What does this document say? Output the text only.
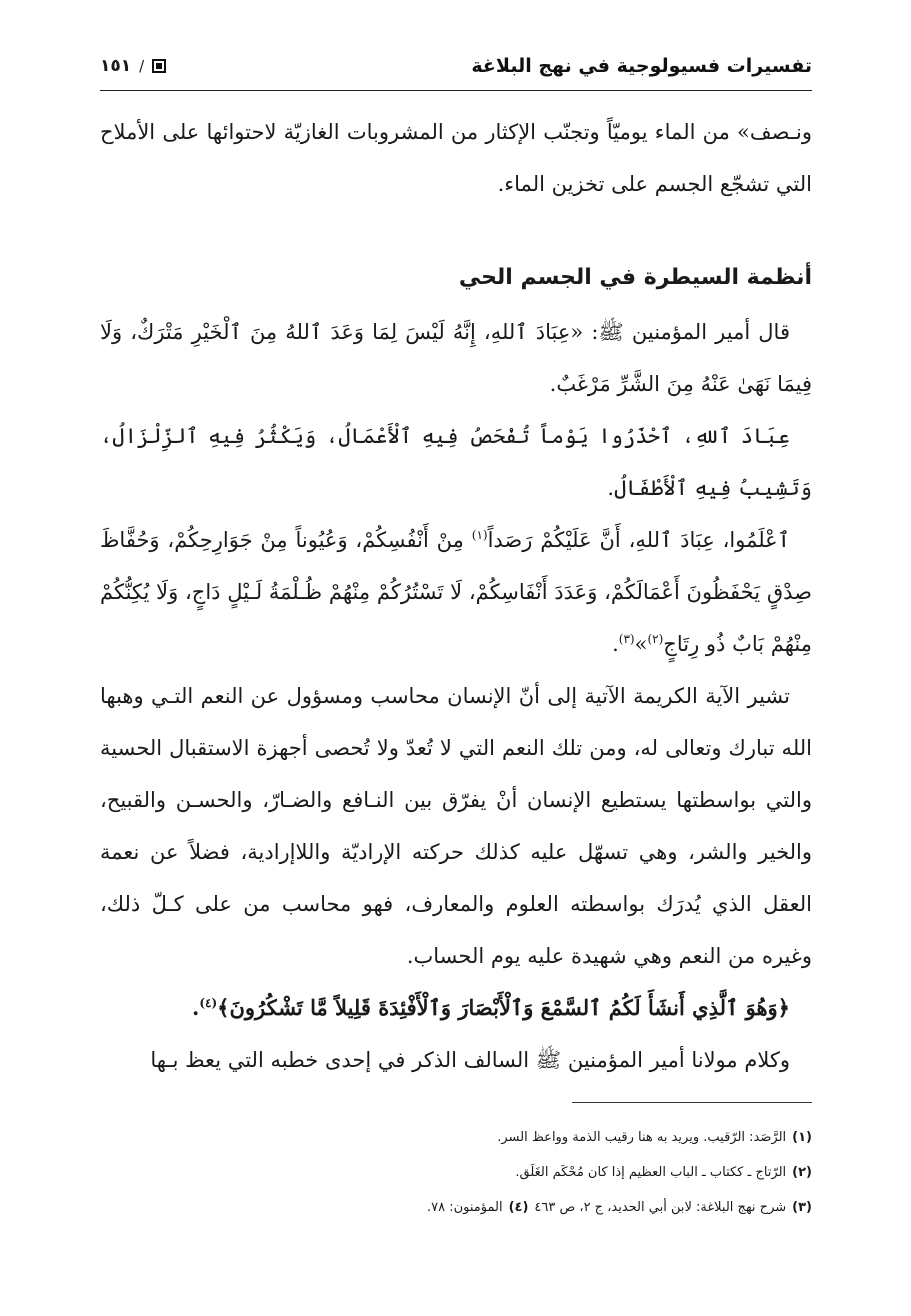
تفسيرات فسيولوجية في نهج البلاغة
١٥١ /

ونـصف» من الماء يوميّاً وتجنّب الإكثار من المشروبات الغازيّة لاحتوائها على الأملاح التي تشجّع الجسم على تخزين الماء.

أنظمة السيطرة في الجسم الحي

قال أمير المؤمنين ﷺ: «عِبَادَ ٱللهِ، إِنَّهُ لَيْسَ لِمَا وَعَدَ ٱللهُ مِنَ ٱلْخَيْرِ مَتْرَكٌ، وَلَا فِيمَا نَهَىٰ عَنْهُ مِنَ الشَّرِّ مَرْغَبٌ.

عِبَادَ ٱللهِ، ٱحْذَرُوا يَوْماً تُفْحَصُ فِيهِ ٱلْأَعْمَالُ، وَيَكْثُرُ فِيهِ ٱلزِّلْزَالُ، وَتَشِيبُ فِيهِ ٱلْأَطْفَالُ.

ٱعْلَمُوا، عِبَادَ ٱللهِ، أَنَّ عَلَيْكُمْ رَصَداً$^{(١)}$ مِنْ أَنْفُسِكُمْ، وَعُيُوناً مِنْ جَوَارِحِكُمْ، وَحُفَّاظَ صِدْقٍ يَحْفَظُونَ أَعْمَالَكُمْ، وَعَدَدَ أَنْفَاسِكُمْ، لَا تَسْتُرُكُمْ مِنْهُمْ ظُـلْمَةُ لَـيْلٍ دَاجٍ، وَلَا يُكِنُّكُمْ مِنْهُمْ بَابٌ ذُو رِتَاجٍ$^{(٢)}$»$^{(٣)}$.

تشير الآية الكريمة الآتية إلى أنّ الإنسان محاسب ومسؤول عن النعم التـي وهبها الله تبارك وتعالى له، ومن تلك النعم التي لا تُعدّ ولا تُحصى أجهزة الاستقبال الحسية والتي بواسطتها يستطيع الإنسان أنْ يفرّق بين النـافع والضـارّ، والحسـن والقبيح، والخير والشر، وهي تسهّل عليه كذلك حركته الإراديّة واللاإرادية، فضلاً عن نعمة العقل الذي يُدرَك بواسطته العلوم والمعارف، فهو محاسب من على كـلّ ذلك، وغيره من النعم وهي شهيدة عليه يوم الحساب.

﴿وَهُوَ ٱلَّذِي أَنشَأَ لَكُمُ ٱلسَّمْعَ وَٱلْأَبْصَارَ وَٱلْأَفْئِدَةَ قَلِيلاً مَّا تَشْكُرُونَ﴾$^{(٤)}$.

وكلام مولانا أمير المؤمنين ﷺ السالف الذكر في إحدى خطبه التي يعظ بـها

(١)
الرَّصَد: الرّقيب. ويريد به هنا رقيب الذمة وواعظ السر.
(٢)
الرّتاج ـ ككتاب ـ الباب العظيم إذا كان مُحْكَم الغَلَق.
(٣)
شرح نهج البلاغة: لابن أبي الحديد، ج ٢، ص ٤٦٣
(٤)
المؤمنون: ٧٨.
